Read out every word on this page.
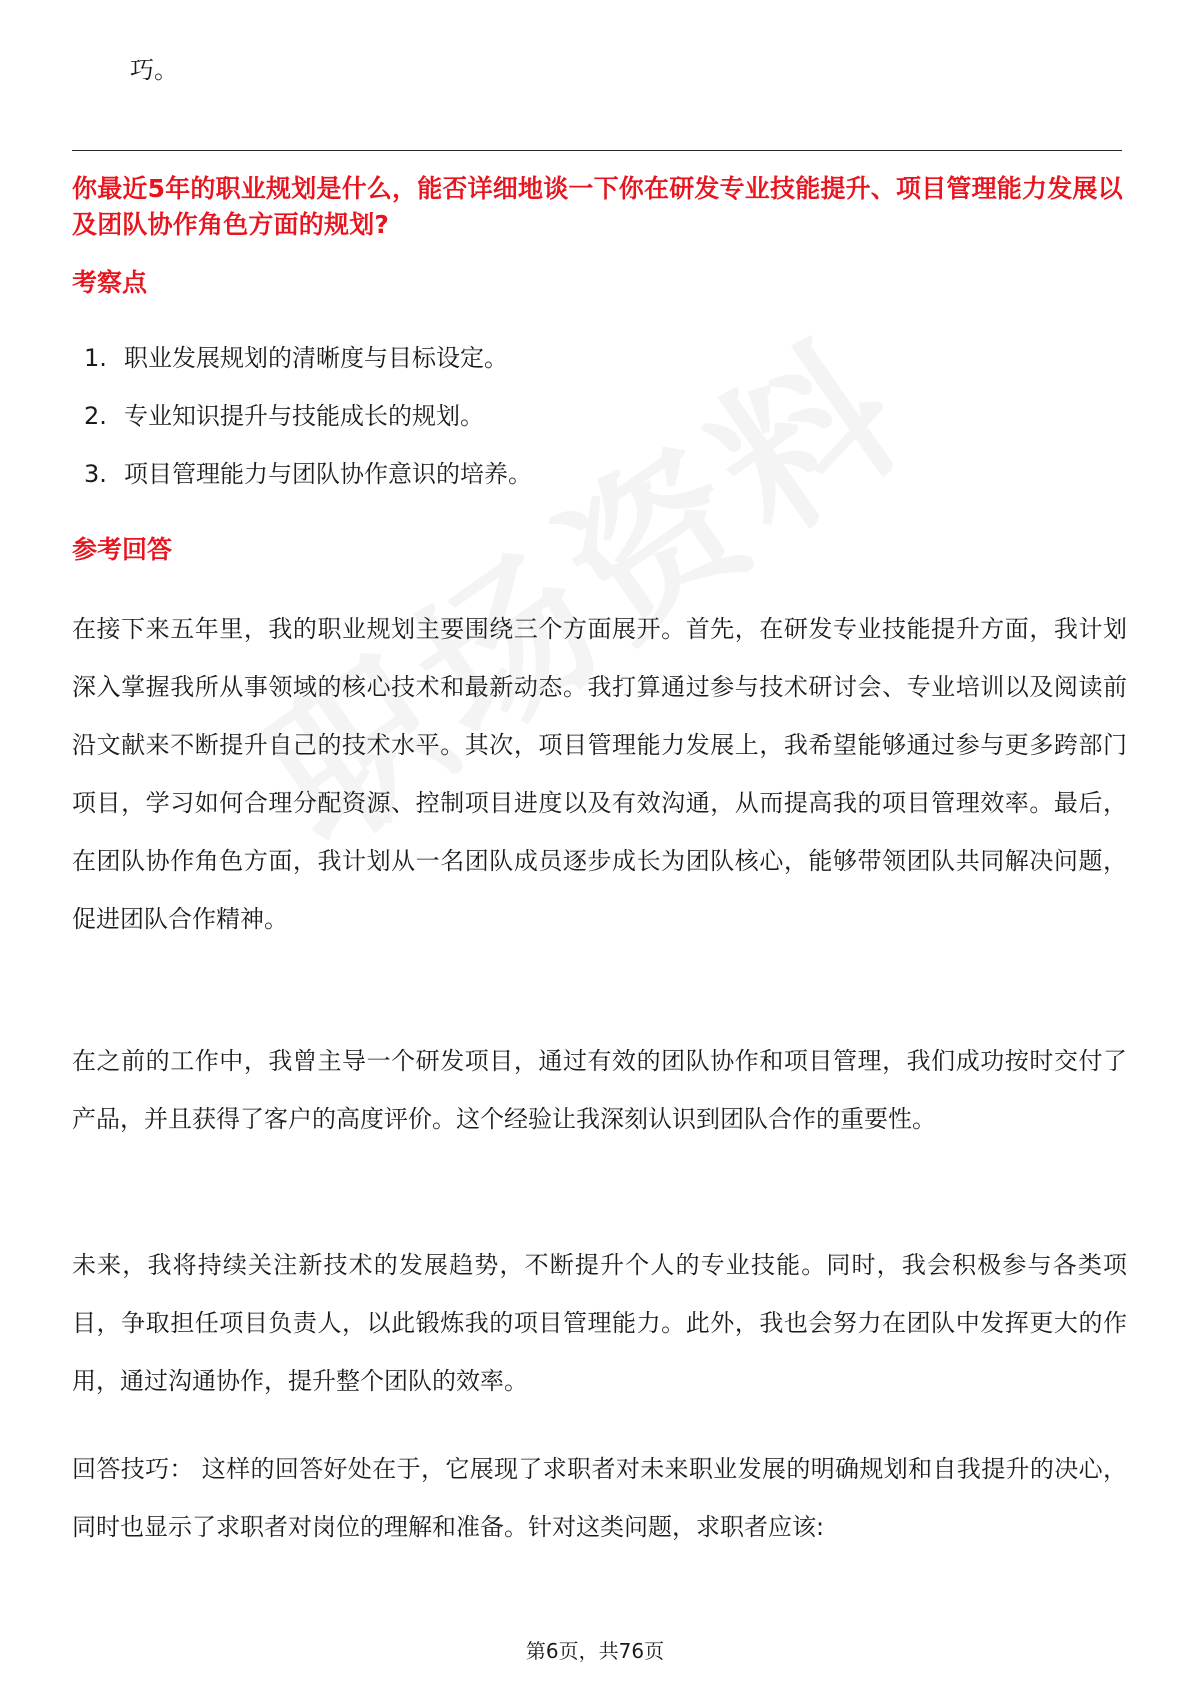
巧。
你最近5年的职业规划是什么，能否详细地谈一下你在研发专业技能提升、项目管理能力发展以及团队协作角色方面的规划?
考察点
1. 职业发展规划的清晰度与目标设定。
2. 专业知识提升与技能成长的规划。
3. 项目管理能力与团队协作意识的培养。
参考回答

在接下来五年里，我的职业规划主要围绕三个方面展开。首先，在研发专业技能提升方面，我计划深入掌握我所从事领域的核心技术和最新动态。我打算通过参与技术研讨会、专业培训以及阅读前沿文献来不断提升自己的技术水平。其次，项目管理能力发展上，我希望能够通过参与更多跨部门项目，学习如何合理分配资源、控制项目进度以及有效沟通，从而提高我的项目管理效率。最后，在团队协作角色方面，我计划从一名团队成员逐步成长为团队核心，能够带领团队共同解决问题，促进团队合作精神。

在之前的工作中，我曾主导一个研发项目，通过有效的团队协作和项目管理，我们成功按时交付了产品，并且获得了客户的高度评价。这个经验让我深刻认识到团队合作的重要性。

未来，我将持续关注新技术的发展趋势，不断提升个人的专业技能。同时，我会积极参与各类项目，争取担任项目负责人，以此锻炼我的项目管理能力。此外，我也会努力在团队中发挥更大的作用，通过沟通协作，提升整个团队的效率。

回答技巧： 这样的回答好处在于，它展现了求职者对未来职业发展的明确规划和自我提升的决心，同时也显示了求职者对岗位的理解和准备。针对这类问题，求职者应该:

第6页，共76页
